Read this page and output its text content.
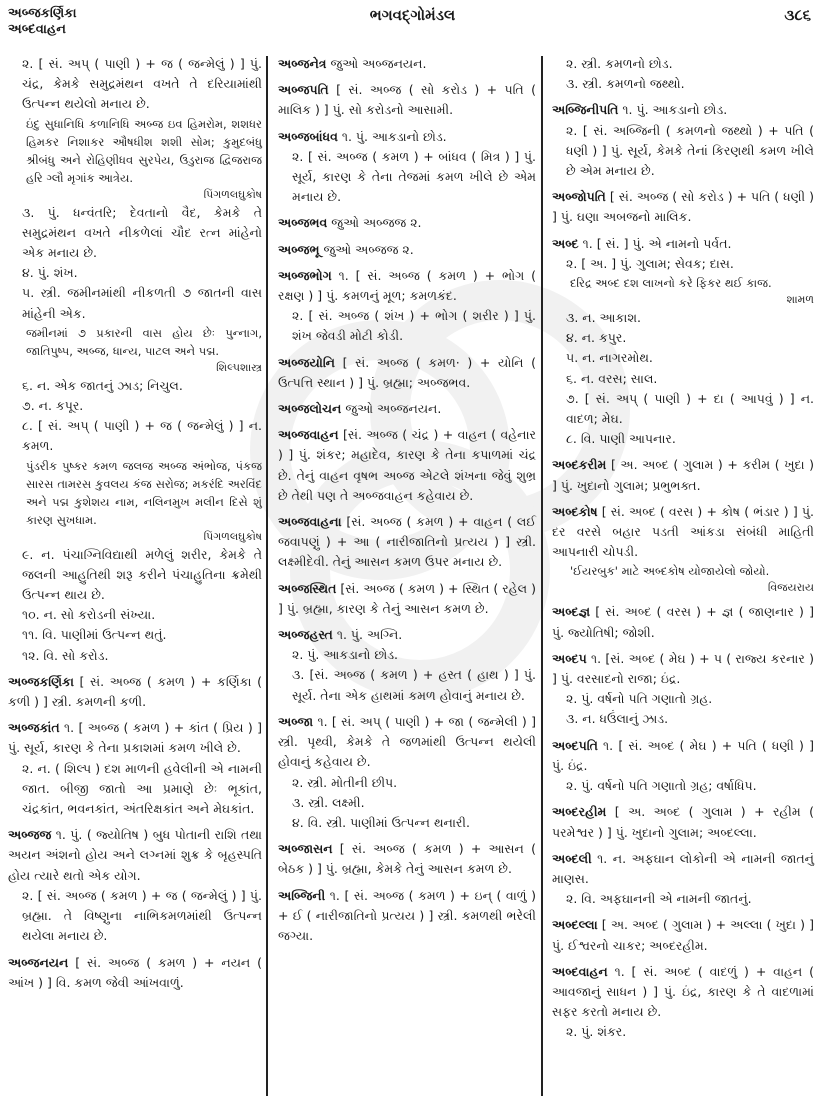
અબ્જકર્ણિકા
અબ્દવાહન
ભગવદ્ગોમંડલ	૩૮૬
૨. [ સં. અપ્ ( પાણી ) + જ ( જન્મેલું ) ] પું. ચંદ્ર, કેમકે સમુદ્રમંથન વખતે તે દરિયામાંથી ઉત્પન્ન થયેલો મનાય છે.
ઇંદુ સુધાનિધિ કળાનિધિ અબ્જ ઇવ હિમરોમ, શશધર હિમકર નિશાકર ઔષધીશ શશી સોમ; કુમુદબંધુ શ્રીબંધુ અને રોહિણીધવ સુરપેય, ઉડુરાજ દ્વિજરાજ હરિ ગ્લૌ મૃગાંક આત્રેય.
પિંગળલઘુકોષ
૩. પું. ધન્વંતરિ; દેવતાનો વૈદ, કેમકે તે સમુદ્રમંથન વખતે નીકળેલાં ચૌદ રત્ન માંહેનો એક મનાય છે.
૪. પું. શંખ.
૫. સ્ત્રી. જમીનમાંથી નીકળતી ૭ જાતની વાસ માંહેની એક.
જમીનમાં ૭ પ્રકારની વાસ હોય છેઃ પુન્નાગ, જાતિપુષ્પ, અબ્જ, ધાન્ય, પાટલ અને પદ્મ.
શિલ્પશાસ્ત્ર
૬. ન. એક જાતનું ઝાડ; નિચુલ.
૭. ન. કપૂર.
૮. [ સં. અપ્ ( પાણી ) + જ ( જન્મેલું ) ] ન. કમળ.
પુંડરીક પુષ્કર કમળ જલજ અબ્જ અંભોજ, પંકજ સારસ તામરસ કુવલય કંજ સરોજ; મકરંદિ અરવિંદ અને પદ્મ કુશેશય નામ, નલિનમુખ મલીન દિસે શું કારણ સુખધામ.
પિંગળલઘુકોષ
૯. ન. પંચાગ્નિવિદ્યાથી મળેલું શરીર, કેમકે તે જલની આહુતિથી શરૂ કરીને પંચાહુતિના ક્રમેથી ઉત્પન્ન થાય છે.
૧૦. ન. સો કરોડની સંખ્યા.
૧૧. વિ. પાણીમાં ઉત્પન્ન થતું.
૧૨. વિ. સો કરોડ.
અબ્જકર્ણિકા [ સં. અબ્જ ( કમળ ) + કર્ણિકા ( કળી ) ] સ્ત્રી. કમળની કળી.
અબ્જકાંત ૧. [ અબ્જ ( કમળ ) + કાંત ( પ્રિય ) ] પું. સૂર્ય, કારણ કે તેના પ્રકાશમાં કમળ ખીલે છે.
૨. ન. ( શિલ્પ ) દશ માળની હવેલીની એ નામની જાત. બીજી જાતો આ પ્રમાણે છેઃ ભૂકાંત, ચંદ્રકાંત, ભવનકાંત, અંતરિક્ષકાંત અને મેઘકાંત.
અબ્જજ ૧. પું. ( જ્યોતિષ ) બુધ પોતાની રાશિ તથા અયન અંશનો હોય અને લગ્નમાં શુક્ર કે બૃહસ્પતિ હોય ત્યારે થતો એક યોગ.
૨. [ સં. અબ્જ ( કમળ ) + જ ( જન્મેલું ) ] પું. બ્રહ્મા. તે વિષ્ણુના નાભિકમળમાંથી ઉત્પન્ન થયેલા મનાય છે.
અબ્જનયન [ સં. અબ્જ ( કમળ ) + નયન ( આંખ ) ] વિ. કમળ જેવી આંખવાળું.
અબ્જનેત્ર જુઓ અબ્જનયન.
અબ્જપતિ [ સં. અબ્જ ( સો કરોડ ) + પતિ ( માલિક ) ] પું. સો કરોડનો આસામી.
અબ્જબાંધવ ૧. પું. આકડાનો છોડ.
૨. [ સં. અબ્જ ( કમળ ) + બાંધવ ( મિત્ર ) ] પું. સૂર્ય, કારણ કે તેના તેજમાં કમળ ખીલે છે એમ મનાય છે.
અબ્જભવ જુઓ અબ્જજ ૨.
અબ્જભૂ જુઓ અબ્જજ ૨.
અબ્જભોગ ૧. [ સં. અબ્જ ( કમળ ) + ભોગ ( રક્ષણ ) ] પું. કમળનું મૂળ; કમળકંદ.
૨. [ સં. અબ્જ ( શંખ ) + ભોગ ( શરીર ) ] પું. શંખ જેવડી મોટી કોડી.
અબ્જયોનિ [ સં. અબ્જ ( કમળ· ) + યોનિ ( ઉત્પત્તિ સ્થાન ) ] પું. બ્રહ્મા; અબ્જભવ.
અબ્જલોચન જુઓ અબ્જનયન.
અબ્જવાહન [સં. અબ્જ ( ચંદ્ર ) + વાહન ( વહેનાર ) ] પું. શંકર; મહાદેવ, કારણ કે તેના કપાળમાં ચંદ્ર છે. તેનું વાહન વૃષભ અબ્જ એટલે શંખના જેવું શુભ્ર છે તેથી પણ તે અબ્જવાહન કહેવાય છે.
અબ્જવાહના [સં. અબ્જ ( કમળ ) + વાહન ( લઈ જવાપણું ) + આ ( નારીજાતિનો પ્રત્યય ) ] સ્ત્રી. લક્ષ્મીદેવી. તેનું આસન કમળ ઉપર મનાય છે.
અબ્જસ્થિત [સં. અબ્જ ( કમળ ) + સ્થિત ( રહેલ ) ] પું. બ્રહ્મા, કારણ કે તેનું આસન કમળ છે.
અબ્જહસ્ત ૧. પું. અગ્નિ.
૨. પું. આકડાનો છોડ.
૩. [સં. અબ્જ ( કમળ ) + હસ્ત ( હાથ ) ] પું. સૂર્ય. તેના એક હાથમાં કમળ હોવાનું મનાય છે.
અબ્જા ૧. [ સં. અપ્ ( પાણી ) + જા ( જન્મેલી ) ] સ્ત્રી. પૃથ્વી, કેમકે તે જળમાંથી ઉત્પન્ન થયેલી હોવાનું કહેવાય છે.
૨. સ્ત્રી. મોતીની છીપ.
૩. સ્ત્રી. લક્ષ્મી.
૪. વિ. સ્ત્રી. પાણીમાં ઉત્પન્ન થનારી.
અબ્જાસન [ સં. અબ્જ ( કમળ ) + આસન ( બેઠક ) ] પું. બ્રહ્મા, કેમકે તેનું આસન કમળ છે.
અબ્જિની ૧. [ સં. અબ્જ ( કમળ ) + ઇન્ ( વાળું ) + ઈ ( નારીજાતિનો પ્રત્યય ) ] સ્ત્રી. કમળથી ભરેલી જગ્યા.
૨. સ્ત્રી. કમળનો છોડ.
૩. સ્ત્રી. કમળનો જથ્થો.
અબ્જિનીપતિ ૧. પું. આકડાનો છોડ.
૨. [ સં. અબ્જિની ( કમળનો જથ્થો ) + પતિ ( ધણી ) ] પું. સૂર્ય, કેમકે તેનાં કિરણથી કમળ ખીલે છે એમ મનાય છે.
અબ્જોપતિ [ સં. અબ્જ ( સો કરોડ ) + પતિ ( ધણી ) ] પું. ઘણા અબજનો માલિક.
અબ્દ ૧. [ સં. ] પું. એ નામનો પર્વત.
૨. [ અ. ] પું. ગુલામ; સેવક; દાસ.
દરિદ્ર અબ્દ દશ લાખનો કરે ફિકર થઈ કાજ.
શામળ
૩. ન. આકાશ.
૪. ન. કપુર.
૫. ન. નાગરમોથ.
૬. ન. વરસ; સાલ.
૭. [ સં. અપ્ ( પાણી ) + દા ( આપવું ) ] ન. વાદળ; મેઘ.
૮. વિ. પાણી આપનાર.
અબ્દકરીમ [ અ. અબ્દ ( ગુલામ ) + કરીમ ( ખુદા ) ] પું. ખુદાનો ગુલામ; પ્રભુભક્ત.
અબ્દકોષ [ સં. અબ્દ ( વરસ ) + કોષ ( ભંડાર ) ] પું. દર વરસે બહાર પડતી આંકડા સંબંધી માહિતી આપનારી ચોપડી.
'ઈયરબુક' માટે અબ્દકોષ યોજાયેલો જોયો.
વિજયરાય
અબ્દજ્ઞ [ સં. અબ્દ ( વરસ ) + જ્ઞ ( જાણનાર ) ] પું. જ્યોતિષી; જોશી.
અબ્દપ ૧. [સં. અબ્દ ( મેઘ ) + પ ( રાજ્ય કરનાર ) ] પું. વરસાદનો રાજા; ઇંદ્ર.
૨. પું. વર્ષનો પતિ ગણાતો ગ્રહ.
૩. ન. ધઉંલાનું ઝાડ.
અબ્દપતિ ૧. [ સં. અબ્દ ( મેઘ ) + પતિ ( ધણી ) ] પું. ઇંદ્ર.
૨. પું. વર્ષનો પતિ ગણાતો ગ્રહ; વર્ષાધિપ.
અબ્દરહીમ [ અ. અબ્દ ( ગુલામ ) + રહીમ ( પરમેશ્વર ) ] પું. ખુદાનો ગુલામ; અબ્દલ્લા.
અબ્દલી ૧. ન. અફઘાન લોકોની એ નામની જાતનું માણસ.
૨. વિ. અફઘાનની એ નામની જાતનું.
અબ્દલ્લા [ અ. અબ્દ ( ગુલામ ) + અલ્લા ( ખુદા ) ] પું. ઈશ્વરનો ચાકર; અબ્દરહીમ.
અબ્દવાહન ૧. [ સં. અબ્દ ( વાદળું ) + વાહન ( આવજાનું સાધન ) ] પું. ઇંદ્ર, કારણ કે તે વાદળામાં સફર કરતો મનાય છે.
૨. પું. શંકર.
